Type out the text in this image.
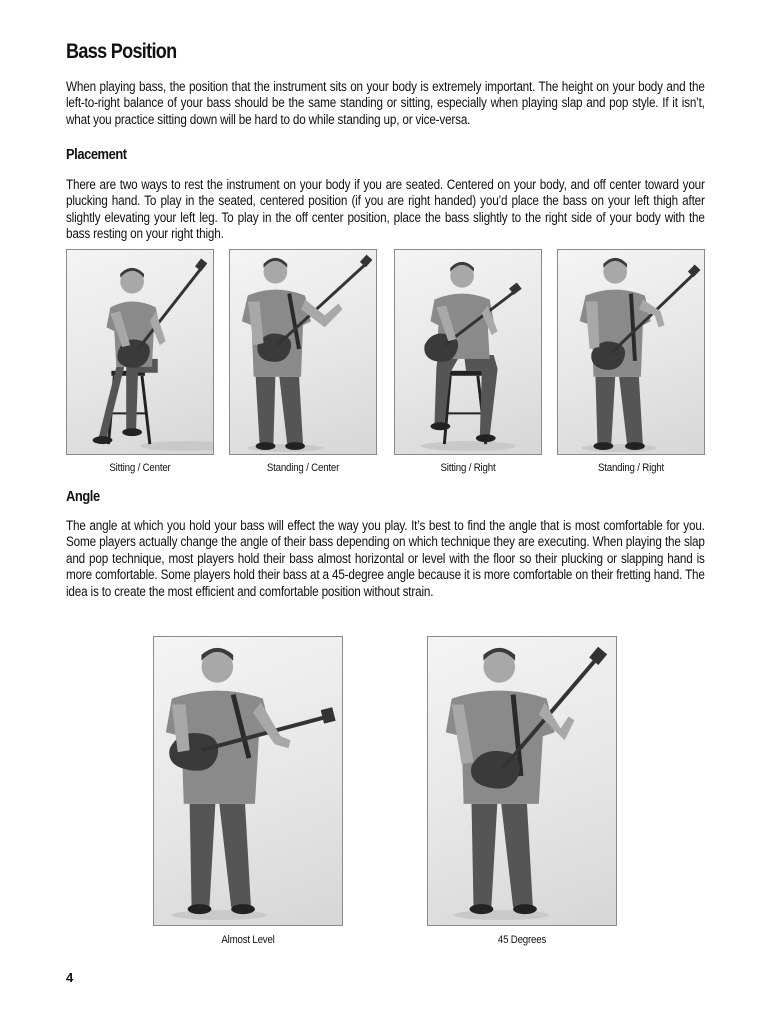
Bass Position
When playing bass, the position that the instrument sits on your body is extremely important. The height on your body and the left-to-right balance of your bass should be the same standing or sitting, especially when playing slap and pop style. If it isn’t, what you practice sitting down will be hard to do while standing up, or vice-versa.
Placement
There are two ways to rest the instrument on your body if you are seated. Centered on your body, and off center toward your plucking hand. To play in the seated, centered position (if you are right handed) you’d place the bass on your left thigh after slightly elevating your left leg. To play in the off center position, place the bass slightly to the right side of your body with the bass resting on your right thigh.
Sitting / Center	Standing / Center	Sitting / Right	Standing / Right
Angle
The angle at which you hold your bass will effect the way you play. It’s best to find the angle that is most comfortable for you. Some players actually change the angle of their bass depending on which technique they are executing. When playing the slap and pop technique, most players hold their bass almost horizontal or level with the floor so their plucking or slapping hand is more comfortable. Some players hold their bass at a 45-degree angle because it is more comfortable on their fretting hand. The idea is to create the most efficient and comfortable position without strain.
Almost Level	45 Degrees
4
